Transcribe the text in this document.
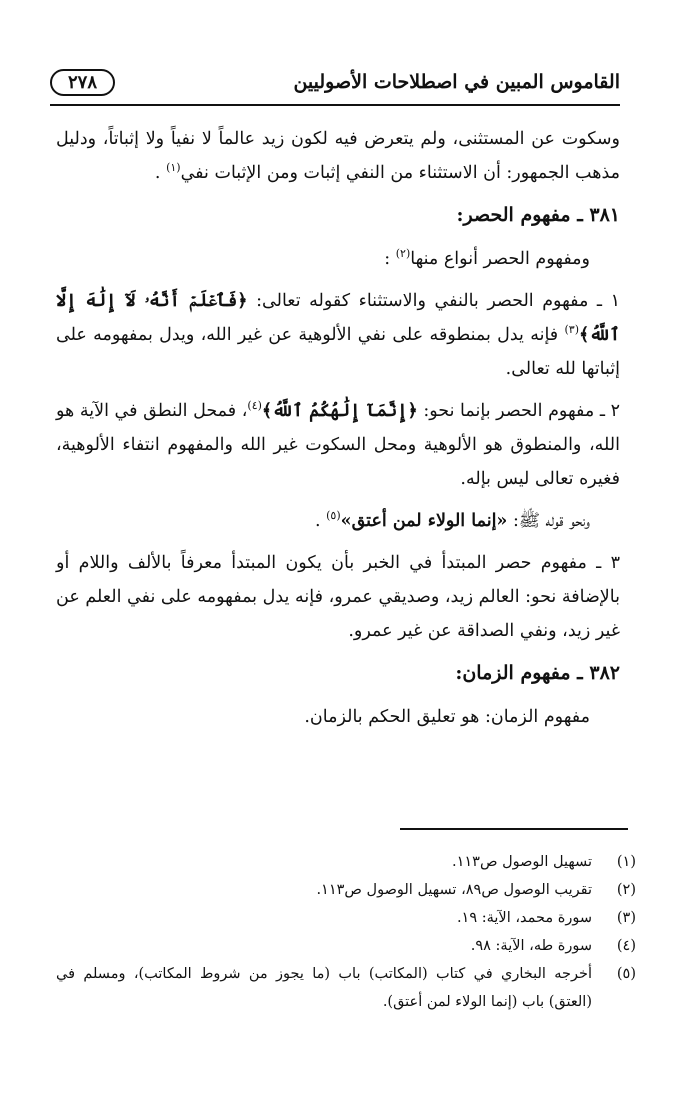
القاموس المبين في اصطلاحات الأصوليين
٢٧٨

وسكوت عن المستثنى، ولم يتعرض فيه لكون زيد عالماً لا نفياً ولا إثباتاً، ودليل مذهب الجمهور: أن الاستثناء من النفي إثبات ومن الإثبات نفي$^{(١)}$ .

٣٨١ ـ مفهوم الحصر:

ومفهوم الحصر أنواع منها$^{(٢)}$ :

١ ـ مفهوم الحصر بالنفي والاستثناء كقوله تعالى: ﴿فَٱعۡلَمۡ أَنَّهُۥ لَآ إِلَٰهَ إِلَّا ٱللَّهُ﴾$^{(٣)}$ فإنه يدل بمنطوقه على نفي الألوهية عن غير الله، ويدل بمفهومه على إثباتها لله تعالى.

٢ ـ مفهوم الحصر بإنما نحو: ﴿إِنَّمَآ إِلَٰهُكُمُ ٱللَّهُ﴾$^{(٤)}$، فمحل النطق في الآية هو الله، والمنطوق هو الألوهية ومحل السكوت غير الله والمفهوم انتفاء الألوهية، فغيره تعالى ليس بإله.

ونحو قوله ﷺ: «إنما الولاء لمن أعتق»$^{(٥)}$ .

٣ ـ مفهوم حصر المبتدأ في الخبر بأن يكون المبتدأ معرفاً بالألف واللام أو بالإضافة نحو: العالم زيد، وصديقي عمرو، فإنه يدل بمفهومه على نفي العلم عن غير زيد، ونفي الصداقة عن غير عمرو.

٣٨٢ ـ مفهوم الزمان:

مفهوم الزمان: هو تعليق الحكم بالزمان.

(١)
تسهيل الوصول ص١١٣.
(٢)
تقريب الوصول ص٨٩، تسهيل الوصول ص١١٣.
(٣)
سورة محمد، الآية: ١٩.
(٤)
سورة طه، الآية: ٩٨.
(٥)
أخرجه البخاري في كتاب (المكاتب) باب (ما يجوز من شروط المكاتب)، ومسلم في (العتق) باب (إنما الولاء لمن أعتق).
